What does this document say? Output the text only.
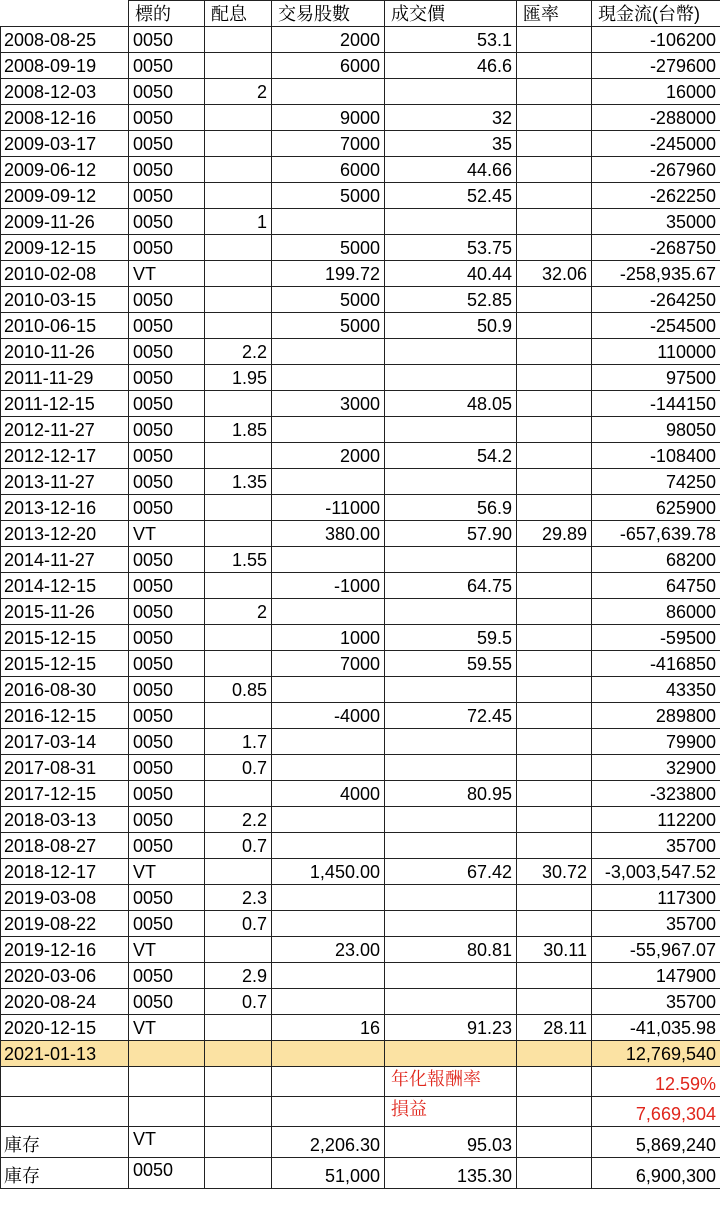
	標的	配息	交易股數	成交價	匯率	現金流(台幣)
2008-08-25	0050		2000	53.1		-106200
2008-09-19	0050		6000	46.6		-279600
2008-12-03	0050	2				16000
2008-12-16	0050		9000	32		-288000
2009-03-17	0050		7000	35		-245000
2009-06-12	0050		6000	44.66		-267960
2009-09-12	0050		5000	52.45		-262250
2009-11-26	0050	1				35000
2009-12-15	0050		5000	53.75		-268750
2010-02-08	VT		199.72	40.44	32.06	-258,935.67
2010-03-15	0050		5000	52.85		-264250
2010-06-15	0050		5000	50.9		-254500
2010-11-26	0050	2.2				110000
2011-11-29	0050	1.95				97500
2011-12-15	0050		3000	48.05		-144150
2012-11-27	0050	1.85				98050
2012-12-17	0050		2000	54.2		-108400
2013-11-27	0050	1.35				74250
2013-12-16	0050		-11000	56.9		625900
2013-12-20	VT		380.00	57.90	29.89	-657,639.78
2014-11-27	0050	1.55				68200
2014-12-15	0050		-1000	64.75		64750
2015-11-26	0050	2				86000
2015-12-15	0050		1000	59.5		-59500
2015-12-15	0050		7000	59.55		-416850
2016-08-30	0050	0.85				43350
2016-12-15	0050		-4000	72.45		289800
2017-03-14	0050	1.7				79900
2017-08-31	0050	0.7				32900
2017-12-15	0050		4000	80.95		-323800
2018-03-13	0050	2.2				112200
2018-08-27	0050	0.7				35700
2018-12-17	VT		1,450.00	67.42	30.72	-3,003,547.52
2019-03-08	0050	2.3				117300
2019-08-22	0050	0.7				35700
2019-12-16	VT		23.00	80.81	30.11	-55,967.07
2020-03-06	0050	2.9				147900
2020-08-24	0050	0.7				35700
2020-12-15	VT		16	91.23	28.11	-41,035.98
2021-01-13						12,769,540
				年化報酬率		12.59%
				損益		7,669,304
庫存	VT		2,206.30	95.03		5,869,240
庫存	0050		51,000	135.30		6,900,300
